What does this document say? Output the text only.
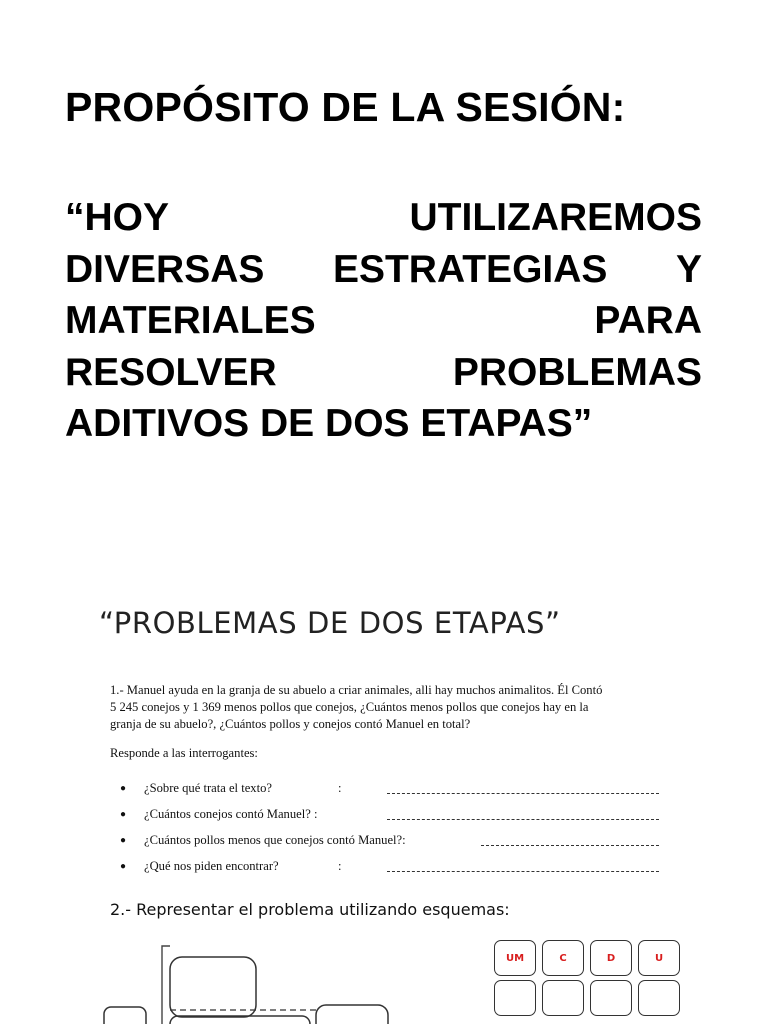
PROPÓSITO DE LA SESIÓN:
“HOY	UTILIZAREMOS
DIVERSAS ESTRATEGIAS Y
MATERIALES	PARA
RESOLVER	PROBLEMAS
ADITIVOS DE DOS ETAPAS”
“PROBLEMAS DE DOS ETAPAS”
1.- Manuel ayuda en la granja de su abuelo a criar animales, alli hay muchos animalitos. Él Contó
5 245 conejos y 1 369 menos pollos que conejos, ¿Cuántos menos pollos que conejos hay en la
granja de su abuelo?, ¿Cuántos pollos y conejos contó Manuel en total?
Responde a las interrogantes:
● ¿Sobre qué trata el texto?	:
● ¿Cuántos conejos contó Manuel? :
● ¿Cuántos pollos menos que conejos contó Manuel?:
● ¿Qué nos piden encontrar?	:
2.- Representar el problema utilizando esquemas:
UM	C	D	U
